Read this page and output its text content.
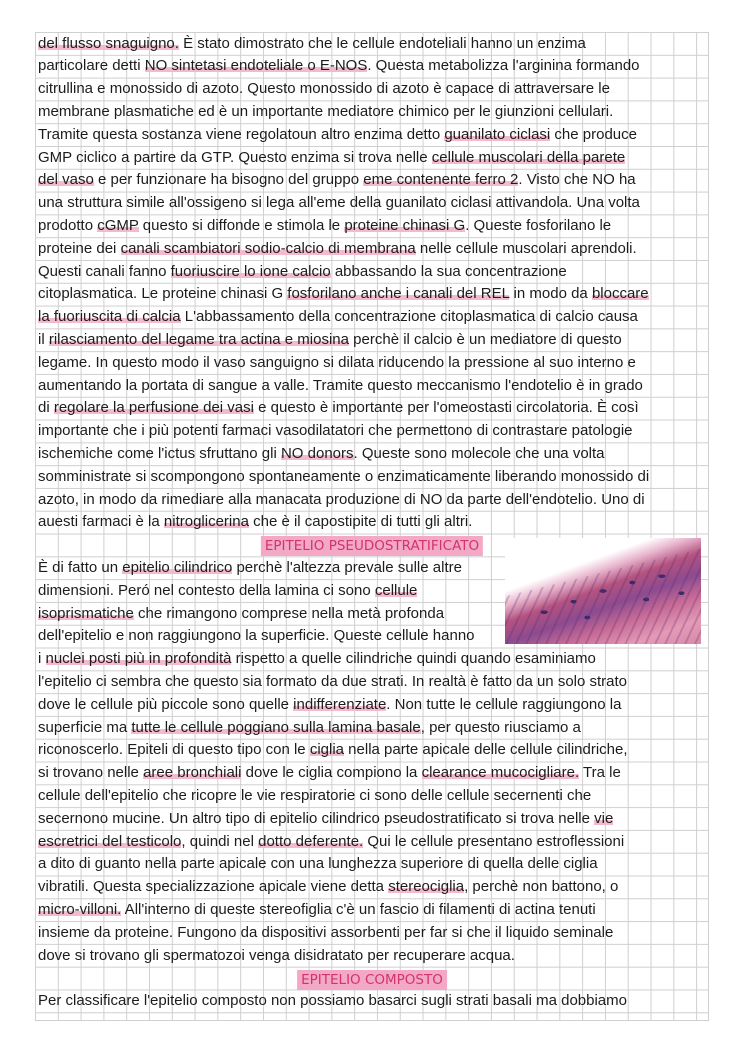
del flusso snaguigno. È stato dimostrato che le cellule endoteliali hanno un enzima
particolare detti NO sintetasi endoteliale o E-NOS. Questa metabolizza l'arginina formando
citrullina e monossido di azoto. Questo monossido di azoto è capace di attraversare le
membrane plasmatiche ed è un importante mediatore chimico per le giunzioni cellulari.
Tramite questa sostanza viene regolatoun altro enzima detto guanilato ciclasi che produce
GMP ciclico a partire da GTP. Questo enzima si trova nelle cellule muscolari della parete
del vaso e per funzionare ha bisogno del gruppo eme contenente ferro 2. Visto che NO ha
una struttura simile all'ossigeno si lega all'eme della guanilato ciclasi attivandola. Una volta
prodotto cGMP questo si diffonde e stimola le proteine chinasi G. Queste fosforilano le
proteine dei canali scambiatori sodio-calcio di membrana nelle cellule muscolari aprendoli.
Questi canali fanno fuoriuscire lo ione calcio abbassando la sua concentrazione
citoplasmatica. Le proteine chinasi G fosforilano anche i canali del REL in modo da bloccare
la fuoriuscita di calcia L'abbassamento della concentrazione citoplasmatica di calcio causa
il rilasciamento del legame tra actina e miosina perchè il calcio è un mediatore di questo
legame. In questo modo il vaso sanguigno si dilata riducendo la pressione al suo interno e
aumentando la portata di sangue a valle. Tramite questo meccanismo l'endotelio è in grado
di regolare la perfusione dei vasi e questo è importante per l'omeostasti circolatoria. È così
importante che i più potenti farmaci vasodilatatori che permettono di contrastare patologie
ischemiche come l'ictus sfruttano gli NO donors. Queste sono molecole che una volta
somministrate si scompongono spontaneamente o enzimaticamente liberando monossido di
azoto, in modo da rimediare alla manacata produzione di NO da parte dell'endotelio. Uno di
auesti farmaci è la nitroglicerina che è il capostipite di tutti gli altri.
È di fatto un epitelio cilindrico perchè l'altezza prevale sulle altre
dimensioni. Peró nel contesto della lamina ci sono cellule
isoprismatiche che rimangono comprese nella metà profonda
dell'epitelio e non raggiungono la superficie. Queste cellule hanno
i nuclei posti più in profondità rispetto a quelle cilindriche quindi quando esaminiamo
l'epitelio ci sembra che questo sia formato da due strati. In realtà è fatto da un solo strato
dove le cellule più piccole sono quelle indifferenziate. Non tutte le cellule raggiungono la
superficie ma tutte le cellule poggiano sulla lamina basale, per questo riusciamo a
riconoscerlo. Epiteli di questo tipo con le ciglia nella parte apicale delle cellule cilindriche,
si trovano nelle aree bronchiali dove le ciglia compiono la clearance mucocigliare. Tra le
cellule dell'epitelio che ricopre le vie respiratorie ci sono delle cellule secernenti che
secernono mucine. Un altro tipo di epitelio cilindrico pseudostratificato si trova nelle vie
escretrici del testicolo, quindi nel dotto deferente. Qui le cellule presentano estroflessioni
a dito di guanto nella parte apicale con una lunghezza superiore di quella delle ciglia
vibratili. Questa specializzazione apicale viene detta stereociglia, perchè non battono, o
micro-villoni. All'interno di queste stereofiglia c'è un fascio di filamenti di actina tenuti
insieme da proteine. Fungono da dispositivi assorbenti per far si che il liquido seminale
dove si trovano gli spermatozoi venga disidratato per recuperare acqua.
Per classificare l'epitelio composto non possiamo basarci sugli strati basali ma dobbiamo
EPITELIO PSEUDOSTRATIFICATO
EPITELIO COMPOSTO
